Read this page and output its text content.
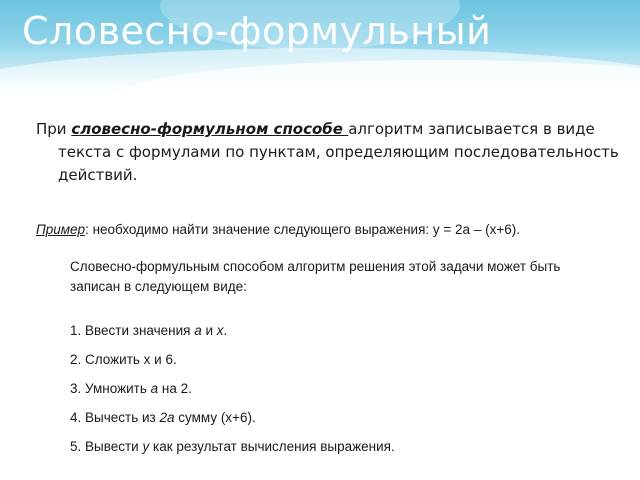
Словесно-формульный

При словесно-формульном способе алгоритм записывается в виде текста с формулами по пунктам, определяющим последовательность действий.

Пример: необходимо найти значение следующего выражения: у = 2а – (х+6).

Словесно-формульным способом алгоритм решения этой задачи может быть записан в следующем виде:

1. Ввести значения а и х.
2. Сложить х и 6.
3. Умножить a на 2.
4. Вычесть из 2a сумму (х+6).
5. Вывести y как результат вычисления выражения.
